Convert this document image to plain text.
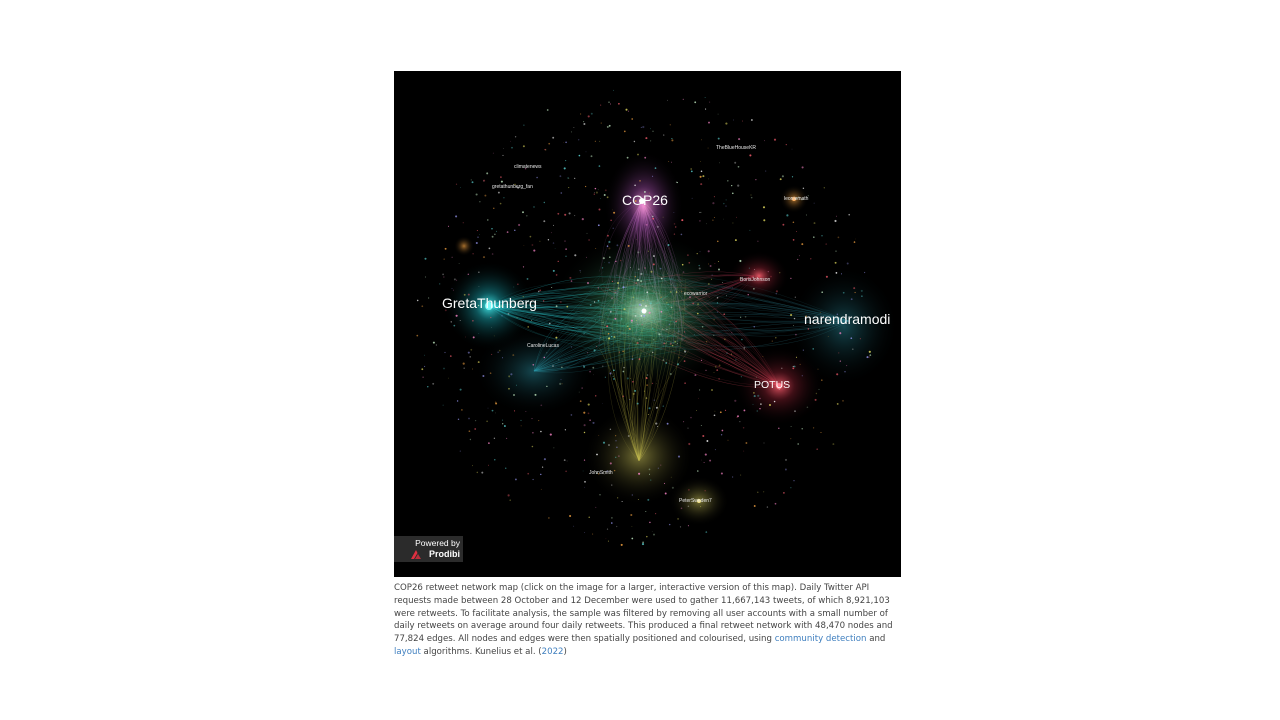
COP26
GretaThunberg
narendramodi
POTUS
TheBlueHouseKR
PeterSweden7
BorisJohnson
CarolineLucas
JohnSmith
leoniemath
gretathunberg_fan
ecowarrior
climatenews
Powered by
Prodibi
COP26 retweet network map (click on the image for a larger, interactive version of this map). Daily Twitter API requests made between 28 October and 12 December were used to gather 11,667,143 tweets, of which 8,921,103 were retweets. To facilitate analysis, the sample was filtered by removing all user accounts with a small number of daily retweets on average around four daily retweets. This produced a final retweet network with 48,470 nodes and 77,824 edges. All nodes and edges were then spatially positioned and colourised, using community detection and layout algorithms. Kunelius et al. (2022)
